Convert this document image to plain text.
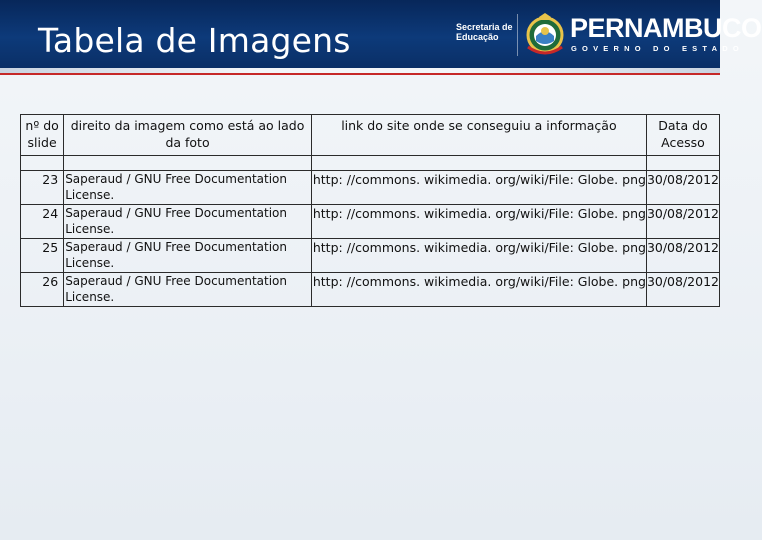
Tabela de Imagens	Secretaria de
Educação	PERNAMBUCO
GOVERNO DO ESTADO
nº do slide	direito da imagem como está ao lado da foto	link do site onde se conseguiu a informação	Data do Acesso

23	Saperaud / GNU Free Documentation License.	http: //commons. wikimedia. org/wiki/File: Globe. png	30/08/2012
24	Saperaud / GNU Free Documentation License.	http: //commons. wikimedia. org/wiki/File: Globe. png	30/08/2012
25	Saperaud / GNU Free Documentation License.	http: //commons. wikimedia. org/wiki/File: Globe. png	30/08/2012
26	Saperaud / GNU Free Documentation License.	http: //commons. wikimedia. org/wiki/File: Globe. png	30/08/2012
